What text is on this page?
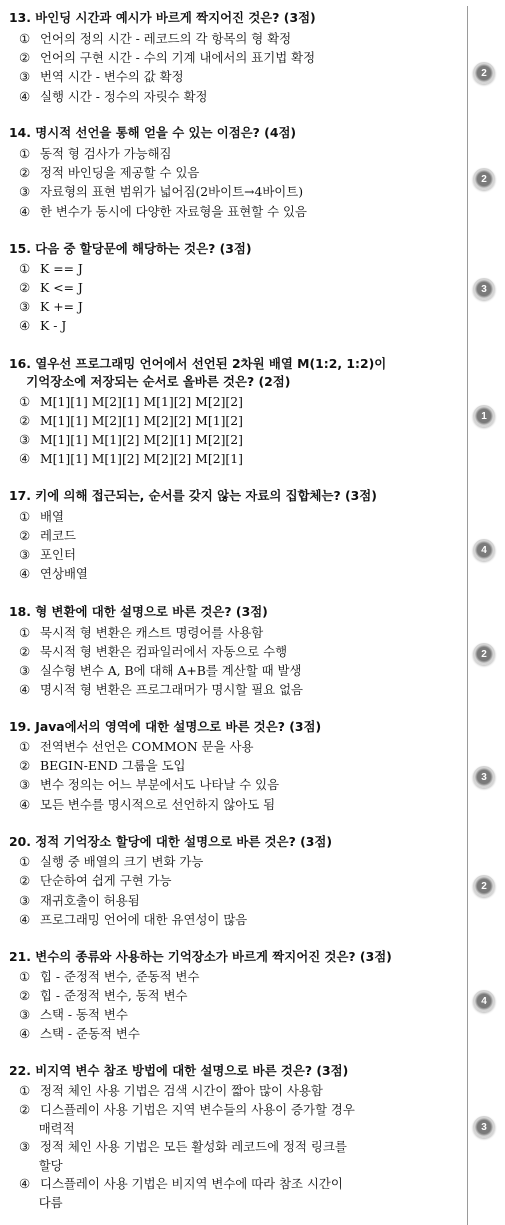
13. 바인딩 시간과 예시가 바르게 짝지어진 것은? (3점)
① 언어의 정의 시간 - 레코드의 각 항목의 형 확정
② 언어의 구현 시간 - 수의 기계 내에서의 표기법 확정
③ 번역 시간 - 변수의 값 확정
④ 실행 시간 - 정수의 자릿수 확정
2
14. 명시적 선언을 통해 얻을 수 있는 이점은? (4점)
① 동적 형 검사가 가능해짐
② 정적 바인딩을 제공할 수 있음
③ 자료형의 표현 범위가 넓어짐(2바이트→4바이트)
④ 한 변수가 동시에 다양한 자료형을 표현할 수 있음
2
15. 다음 중 할당문에 해당하는 것은? (3점)
① K == J
② K <= J
③ K += J
④ K - J
3
16. 열우선 프로그래밍 언어에서 선언된 2차원 배열 M(1:2, 1:2)이
기억장소에 저장되는 순서로 올바른 것은? (2점)
① M[1][1] M[2][1] M[1][2] M[2][2]
② M[1][1] M[2][1] M[2][2] M[1][2]
③ M[1][1] M[1][2] M[2][1] M[2][2]
④ M[1][1] M[1][2] M[2][2] M[2][1]
1
17. 키에 의해 접근되는, 순서를 갖지 않는 자료의 집합체는? (3점)
① 배열
② 레코드
③ 포인터
④ 연상배열
4
18. 형 변환에 대한 설명으로 바른 것은? (3점)
① 묵시적 형 변환은 캐스트 명령어를 사용함
② 묵시적 형 변환은 컴파일러에서 자동으로 수행
③ 실수형 변수 A, B에 대해 A+B를 계산할 때 발생
④ 명시적 형 변환은 프로그래머가 명시할 필요 없음
2
19. Java에서의 영역에 대한 설명으로 바른 것은? (3점)
① 전역변수 선언은 COMMON 문을 사용
② BEGIN-END 그룹을 도입
③ 변수 정의는 어느 부분에서도 나타날 수 있음
④ 모든 변수를 명시적으로 선언하지 않아도 됨
3
20. 정적 기억장소 할당에 대한 설명으로 바른 것은? (3점)
① 실행 중 배열의 크기 변화 가능
② 단순하여 쉽게 구현 가능
③ 재귀호출이 허용됨
④ 프로그래밍 언어에 대한 유연성이 많음
2
21. 변수의 종류와 사용하는 기억장소가 바르게 짝지어진 것은? (3점)
① 힙 - 준정적 변수, 준동적 변수
② 힙 - 준정적 변수, 동적 변수
③ 스택 - 동적 변수
④ 스택 - 준동적 변수
4
22. 비지역 변수 참조 방법에 대한 설명으로 바른 것은? (3점)
① 정적 체인 사용 기법은 검색 시간이 짧아 많이 사용함
② 디스플레이 사용 기법은 지역 변수들의 사용이 증가할 경우
매력적
③ 정적 체인 사용 기법은 모든 활성화 레코드에 정적 링크를
할당
④ 디스플레이 사용 기법은 비지역 변수에 따라 참조 시간이
다름
3
